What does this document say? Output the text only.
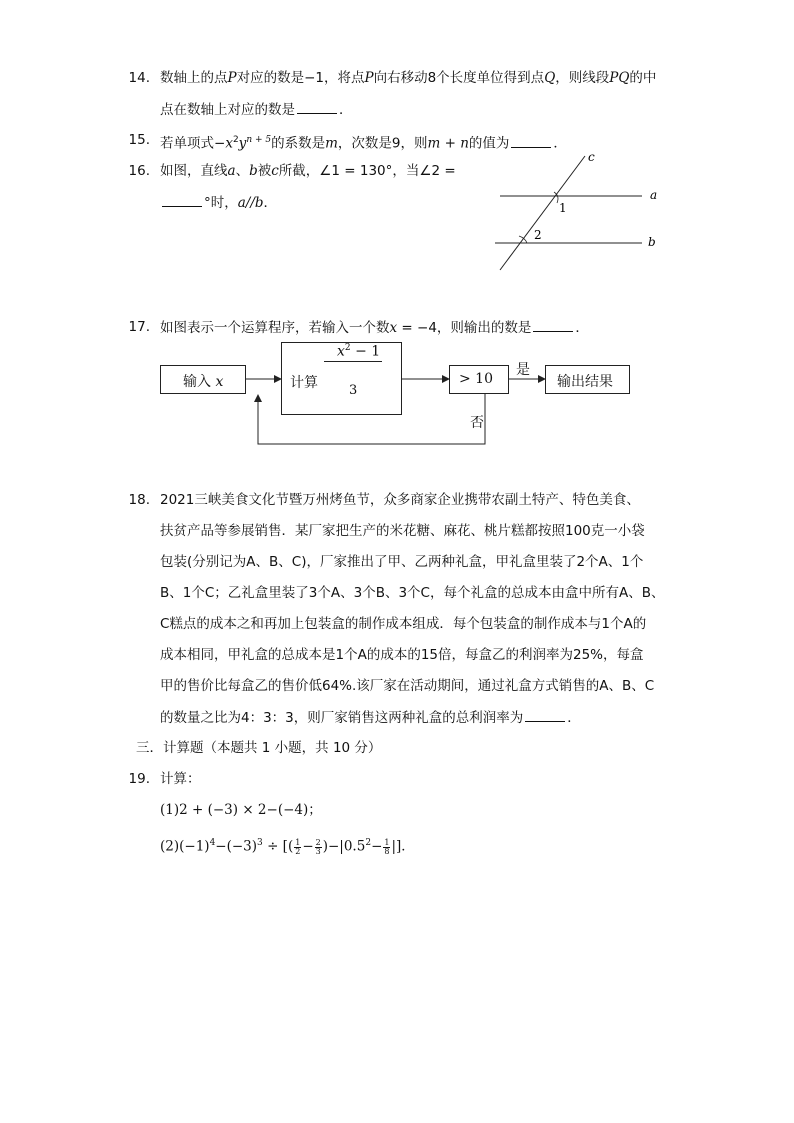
14. 数轴上的点P对应的数是−1，将点P向右移动8个长度单位得到点Q，则线段PQ的中
点在数轴上对应的数是	．
15. 若单项式$-x^2y^{n + 5}$的系数是m，次数是9，则m + n的值为	．
16. 如图，直线a、b被c所截，∠1 = 130°，当∠2 =
°时，a//b．
c
a
b
1
2
17. 如图表示一个运算程序，若输入一个数x = −4，则输出的数是	．
输入 x	计算
$x^2 - 1$
3
> 10
是
否
输出结果
18. 2021三峡美食文化节暨万州烤鱼节，众多商家企业携带农副土特产、特色美食、
扶贫产品等参展销售．某厂家把生产的米花糖、麻花、桃片糕都按照100克一小袋
包装(分别记为A、B、C)，厂家推出了甲、乙两种礼盒，甲礼盒里装了2个A、1个
B、1个C；乙礼盒里装了3个A、3个B、3个C，每个礼盒的总成本由盒中所有A、B、
C糕点的成本之和再加上包装盒的制作成本组成．每个包装盒的制作成本与1个A的
成本相同，甲礼盒的总成本是1个A的成本的15倍，每盒乙的利润率为25%，每盒
甲的售价比每盒乙的售价低64%.该厂家在活动期间，通过礼盒方式销售的A、B、C
的数量之比为4：3：3，则厂家销售这两种礼盒的总利润率为	．
三．计算题（本题共 1 小题，共 10 分）
19. 计算：
(1)2 + (−3) × 2−(−4)；
$(2)(-1)^4-(-3)^3$ ÷ [( $\frac{1}{2} - \frac{2}{3} )-|0.5^2- \frac{1}{8}$ |]．
